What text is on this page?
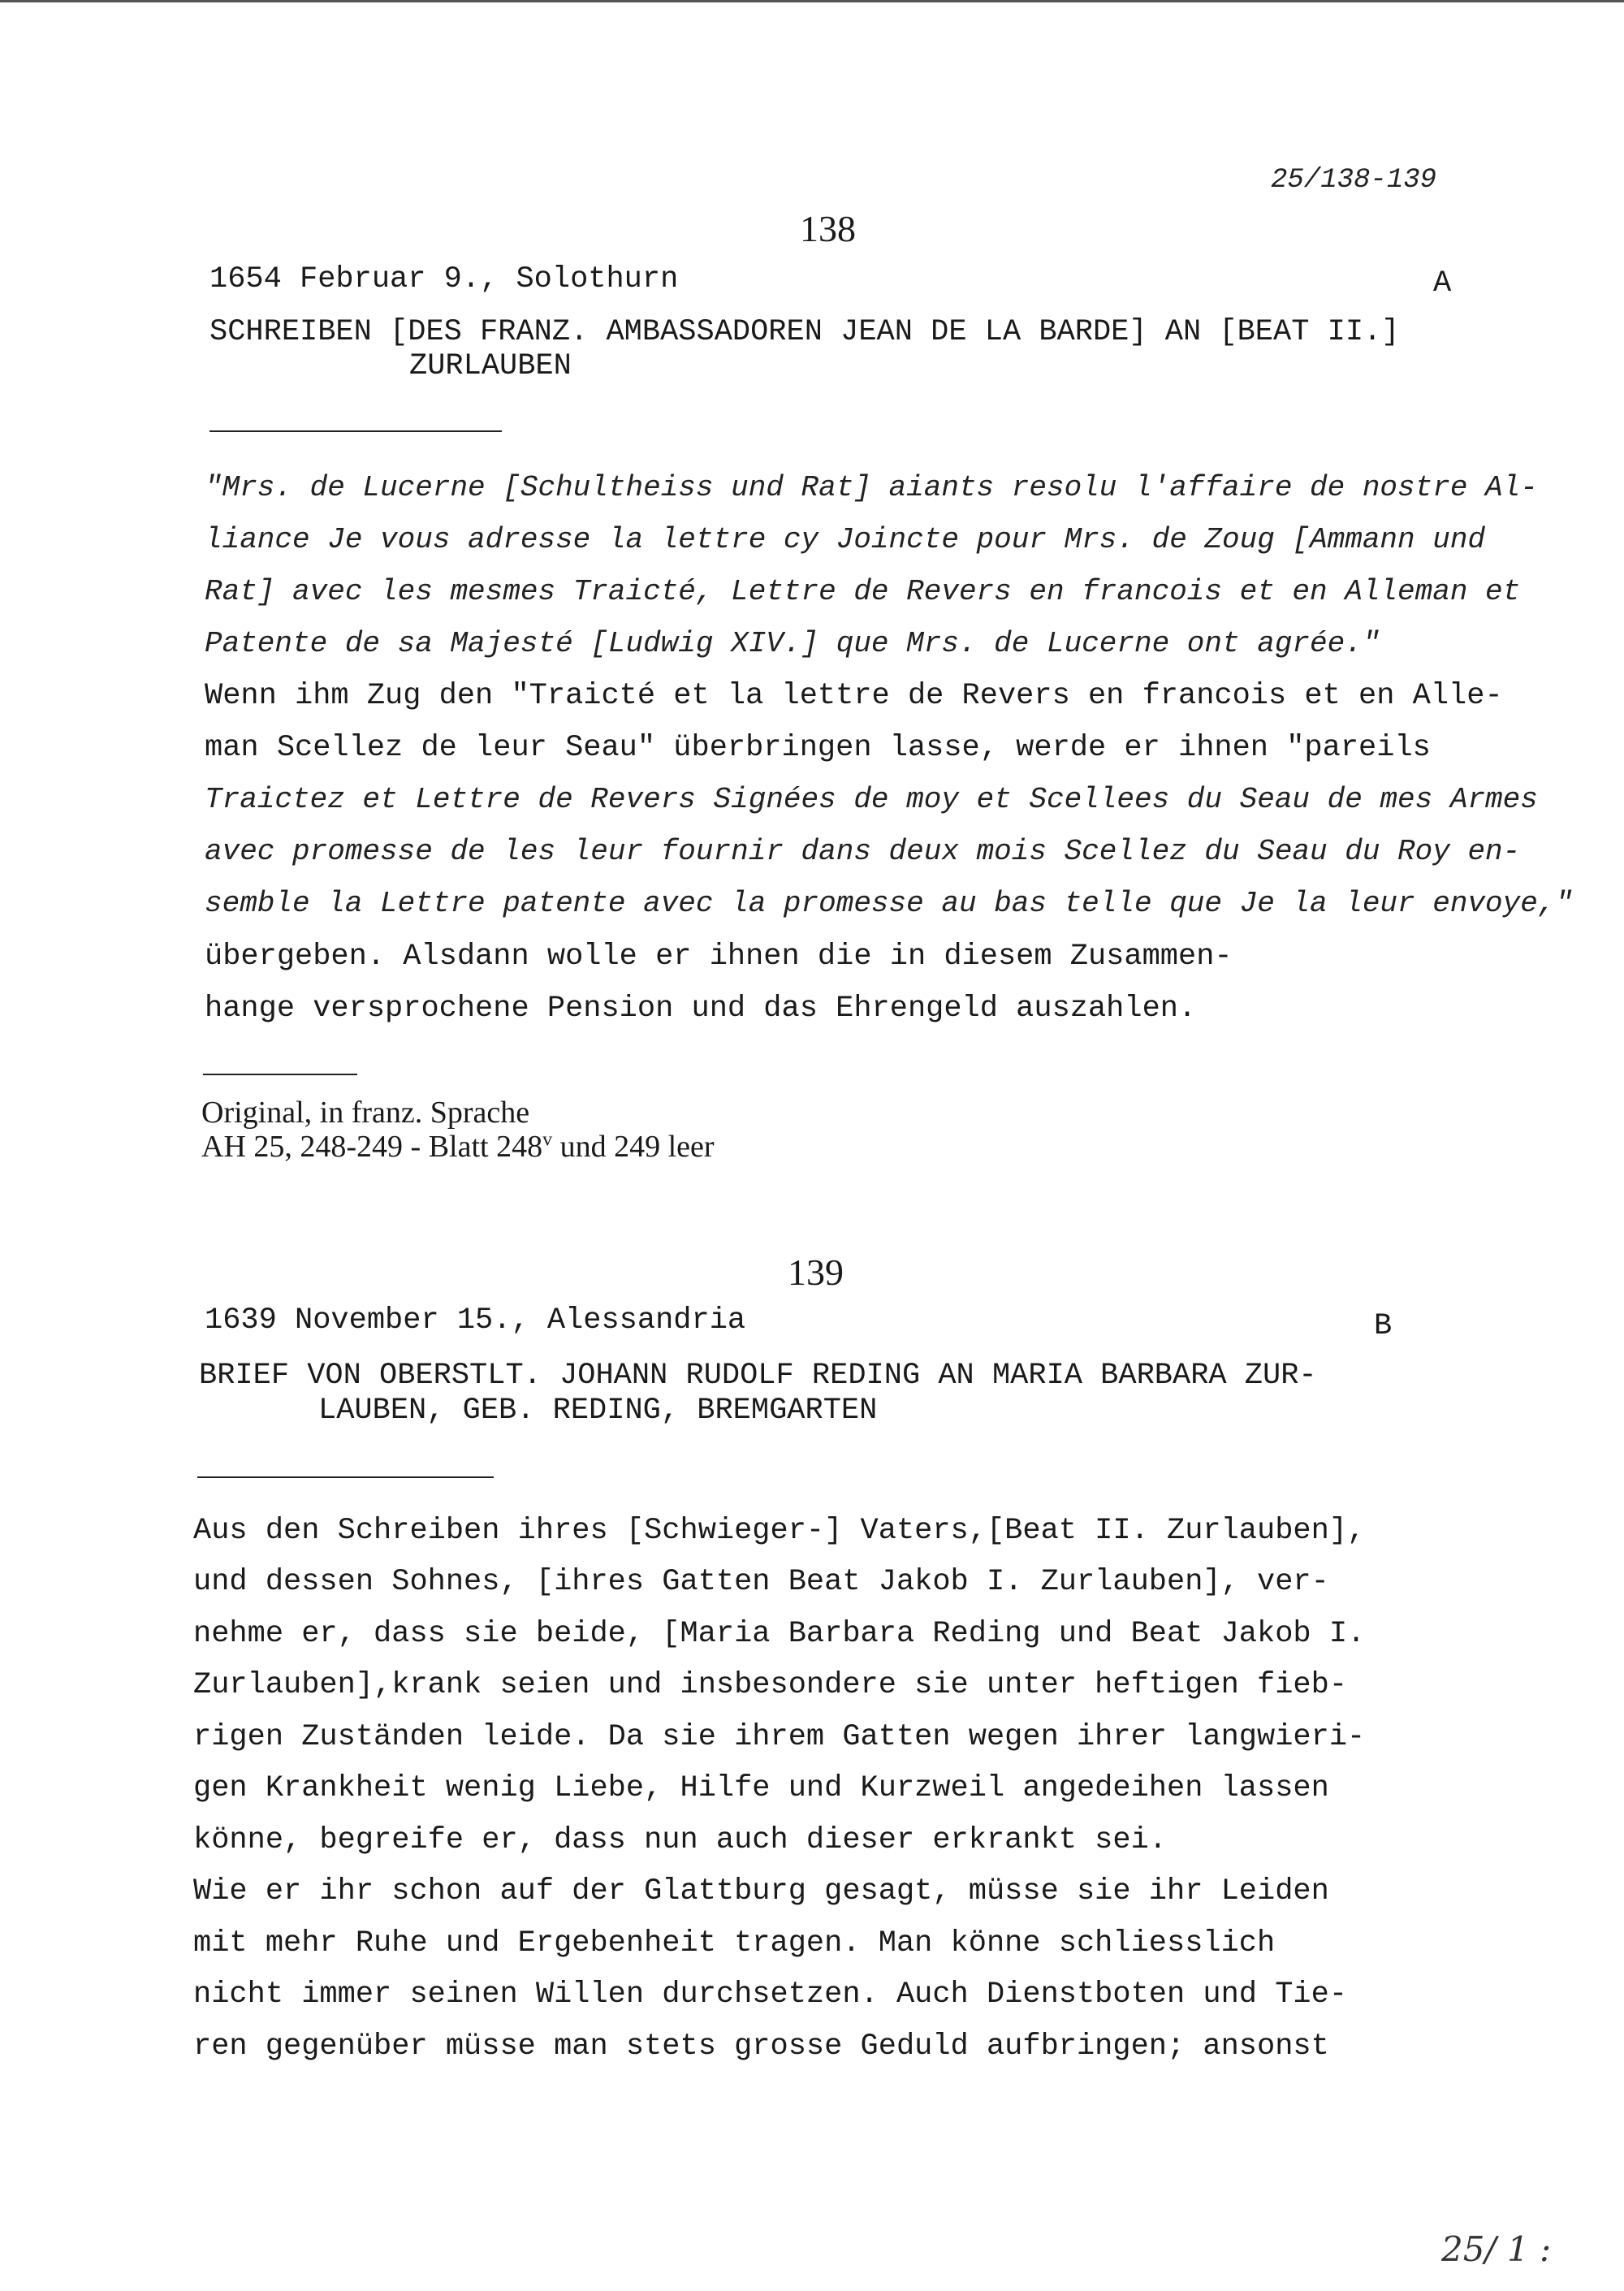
25/138-139
138
1654 Februar 9., Solothurn	A
SCHREIBEN [DES FRANZ. AMBASSADOREN JEAN DE LA BARDE] AN [BEAT II.]
ZURLAUBEN
"Mrs. de Lucerne [Schultheiss und Rat] aiants resolu l'affaire de nostre Al-
liance Je vous adresse la lettre cy Joincte pour Mrs. de Zoug [Ammann und
Rat] avec les mesmes Traicté, Lettre de Revers en francois et en Alleman et
Patente de sa Majesté [Ludwig XIV.] que Mrs. de Lucerne ont agrée."
Wenn ihm Zug den "Traicté et la lettre de Revers en francois et en Alle-
man Scellez de leur Seau" überbringen lasse, werde er ihnen "pareils
Traictez et Lettre de Revers Signées de moy et Scellees du Seau de mes Armes
avec promesse de les leur fournir dans deux mois Scellez du Seau du Roy en-
semble la Lettre patente avec la promesse au bas telle que Je la leur envoye,"
übergeben. Alsdann wolle er ihnen die in diesem Zusammen-
hange versprochene Pension und das Ehrengeld auszahlen.
Original, in franz. Sprache
AH 25, 248-249 - Blatt 248$^v$ und 249 leer
139
1639 November 15., Alessandria	B
BRIEF VON OBERSTLT. JOHANN RUDOLF REDING AN MARIA BARBARA ZUR-
LAUBEN, GEB. REDING, BREMGARTEN
Aus den Schreiben ihres [Schwieger-] Vaters,[Beat II. Zurlauben],
und dessen Sohnes, [ihres Gatten Beat Jakob I. Zurlauben], ver-
nehme er, dass sie beide, [Maria Barbara Reding und Beat Jakob I.
Zurlauben],krank seien und insbesondere sie unter heftigen fieb-
rigen Zuständen leide. Da sie ihrem Gatten wegen ihrer langwieri-
gen Krankheit wenig Liebe, Hilfe und Kurzweil angedeihen lassen
könne, begreife er, dass nun auch dieser erkrankt sei.
Wie er ihr schon auf der Glattburg gesagt, müsse sie ihr Leiden
mit mehr Ruhe und Ergebenheit tragen. Man könne schliesslich
nicht immer seinen Willen durchsetzen. Auch Dienstboten und Tie-
ren gegenüber müsse man stets grosse Geduld aufbringen; ansonst
25/ 1 :
